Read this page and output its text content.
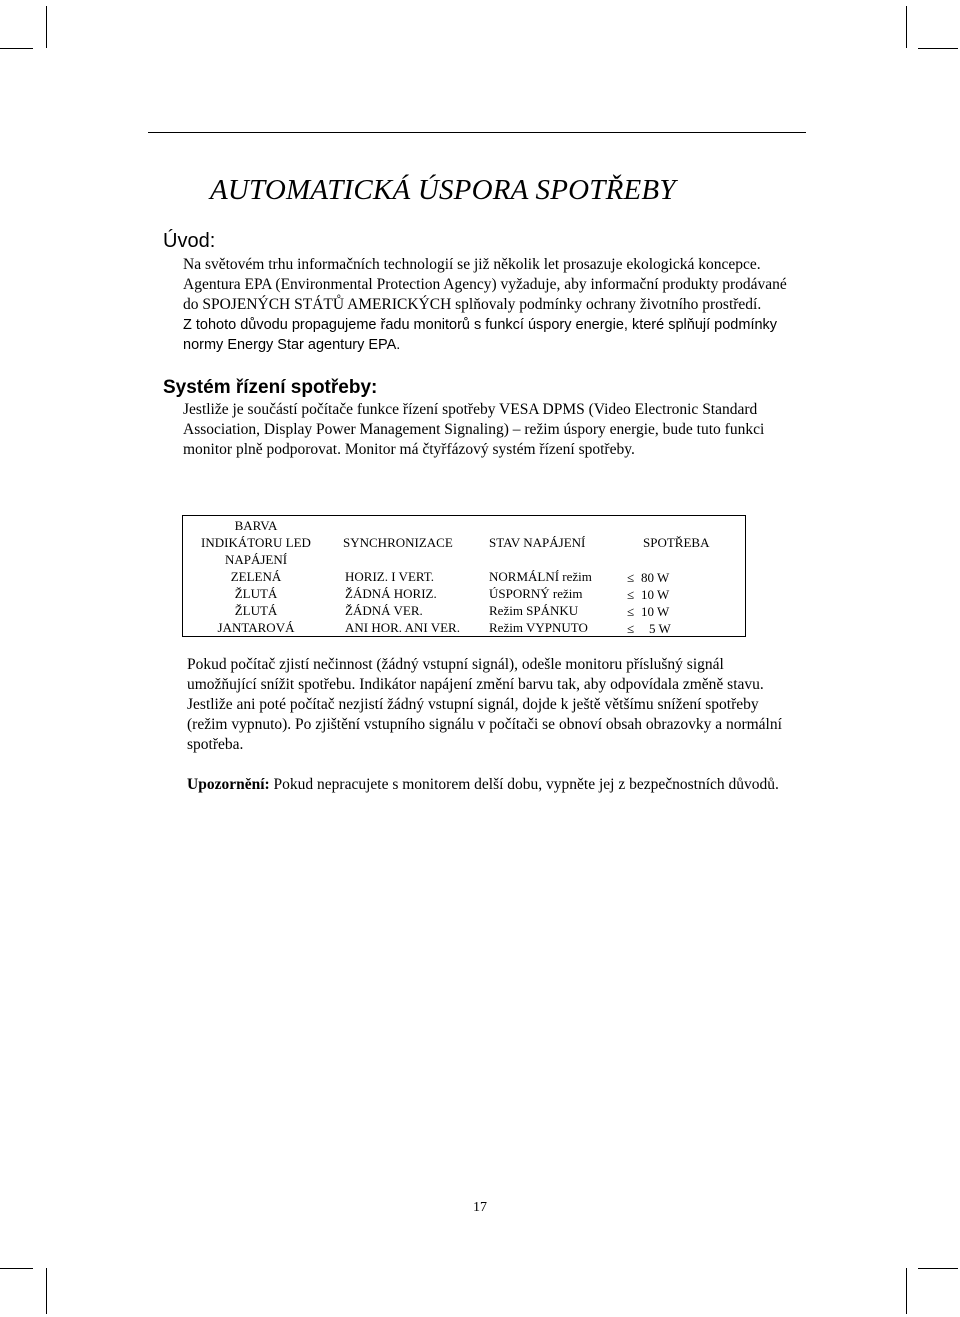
AUTOMATICKÁ ÚSPORA SPOTŘEBY
Úvod:

Na světovém trhu informačních technologií se již několik let prosazuje ekologická koncepce. Agentura EPA (Environmental Protection Agency) vyžaduje, aby informační produkty prodávané do SPOJENÝCH STÁTŮ AMERICKÝCH splňovaly podmínky ochrany životního prostředí.

Z tohoto důvodu propagujeme řadu monitorů s funkcí úspory energie, které splňují podmínky normy Energy Star agentury EPA.

Systém řízení spotřeby:

Jestliže je součástí počítače funkce řízení spotřeby VESA DPMS (Video Electronic Standard Association, Display Power Management Signaling) – režim úspory energie, bude tuto funkci monitor plně podporovat. Monitor má čtyřfázový systém řízení spotřeby.

BARVA
INDIKÁTORU LED
NAPÁJENÍ
SYNCHRONIZACE	STAV NAPÁJENÍ	SPOTŘEBA
ZELENÁ
ŽLUTÁ
ŽLUTÁ
JANTAROVÁ
HORIZ. I VERT.
ŽÁDNÁ HORIZ.
ŽÁDNÁ VER.
ANI HOR. ANI VER.
NORMÁLNÍ režim
ÚSPORNÝ režim
Režim SPÁNKU
Režim VYPNUTO
≤ 80 W
≤ 10 W
≤ 10 W
≤ 5 W

Pokud počítač zjistí nečinnost (žádný vstupní signál), odešle monitoru příslušný signál umožňující snížit spotřebu. Indikátor napájení změní barvu tak, aby odpovídala změně stavu. Jestliže ani poté počítač nezjistí žádný vstupní signál, dojde k ještě většímu snížení spotřeby (režim vypnuto). Po zjištění vstupního signálu v počítači se obnoví obsah obrazovky a normální spotřeba.

Upozornění: Pokud nepracujete s monitorem delší dobu, vypněte jej z bezpečnostních důvodů.

17
